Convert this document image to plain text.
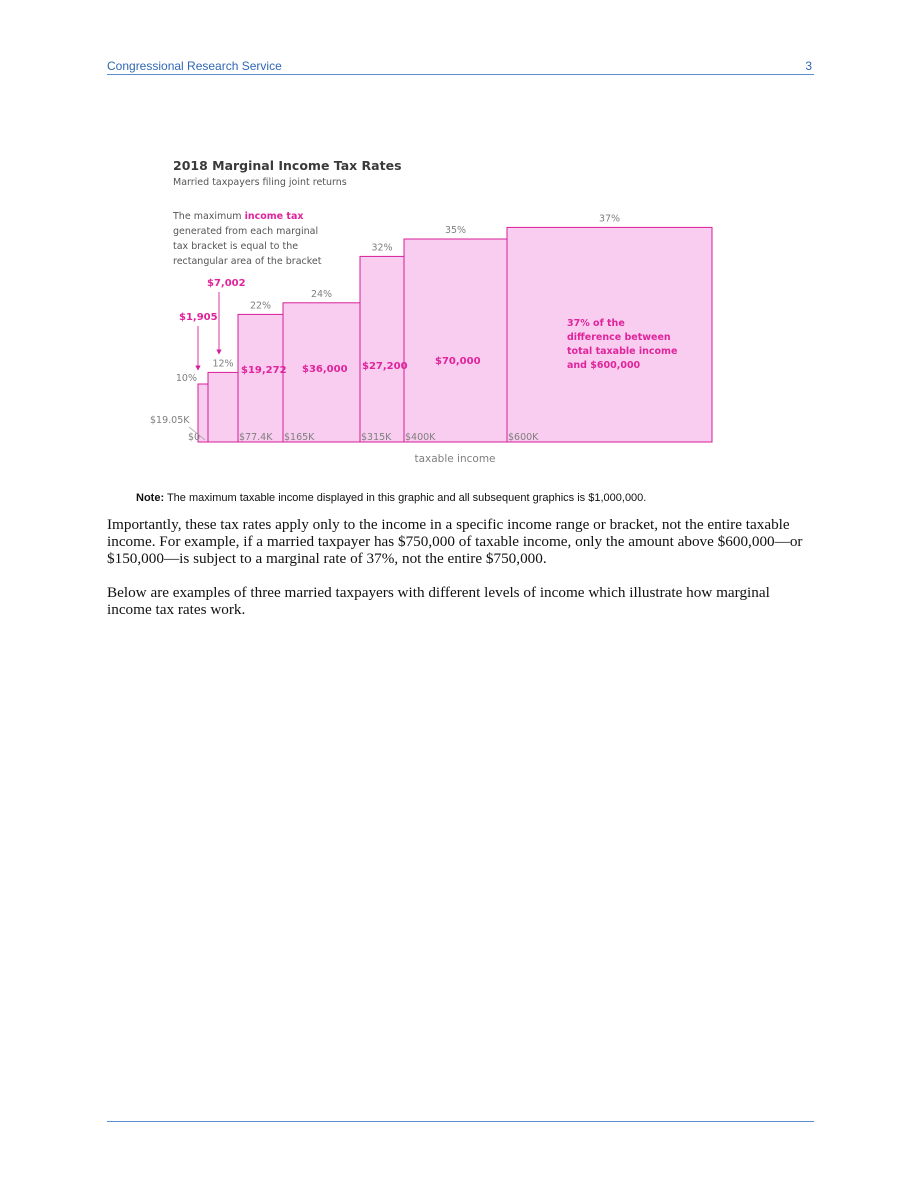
Congressional Research Service	3
2018 Marginal Income Tax Rates
Married taxpayers filing joint returns
The maximum income tax
generated from each marginal
tax bracket is equal to the
rectangular area of the bracket
10%
$0
12%
$19.05K
22%
$77.4K
24%
$165K
32%
$315K
35%
$400K
37%
$600K
$1,905
$7,002
$19,272 $36,000 $27,200	$70,000
37% of the
difference between
total taxable income
and $600,000
taxable income
Note: The maximum taxable income displayed in this graphic and all subsequent graphics is $1,000,000.

Importantly, these tax rates apply only to the income in a specific income range or bracket, not the entire taxable income. For example, if a married taxpayer has $750,000 of taxable income, only the amount above $600,000—or $150,000—is subject to a marginal rate of 37%, not the entire $750,000.

Below are examples of three married taxpayers with different levels of income which illustrate how marginal income tax rates work.
